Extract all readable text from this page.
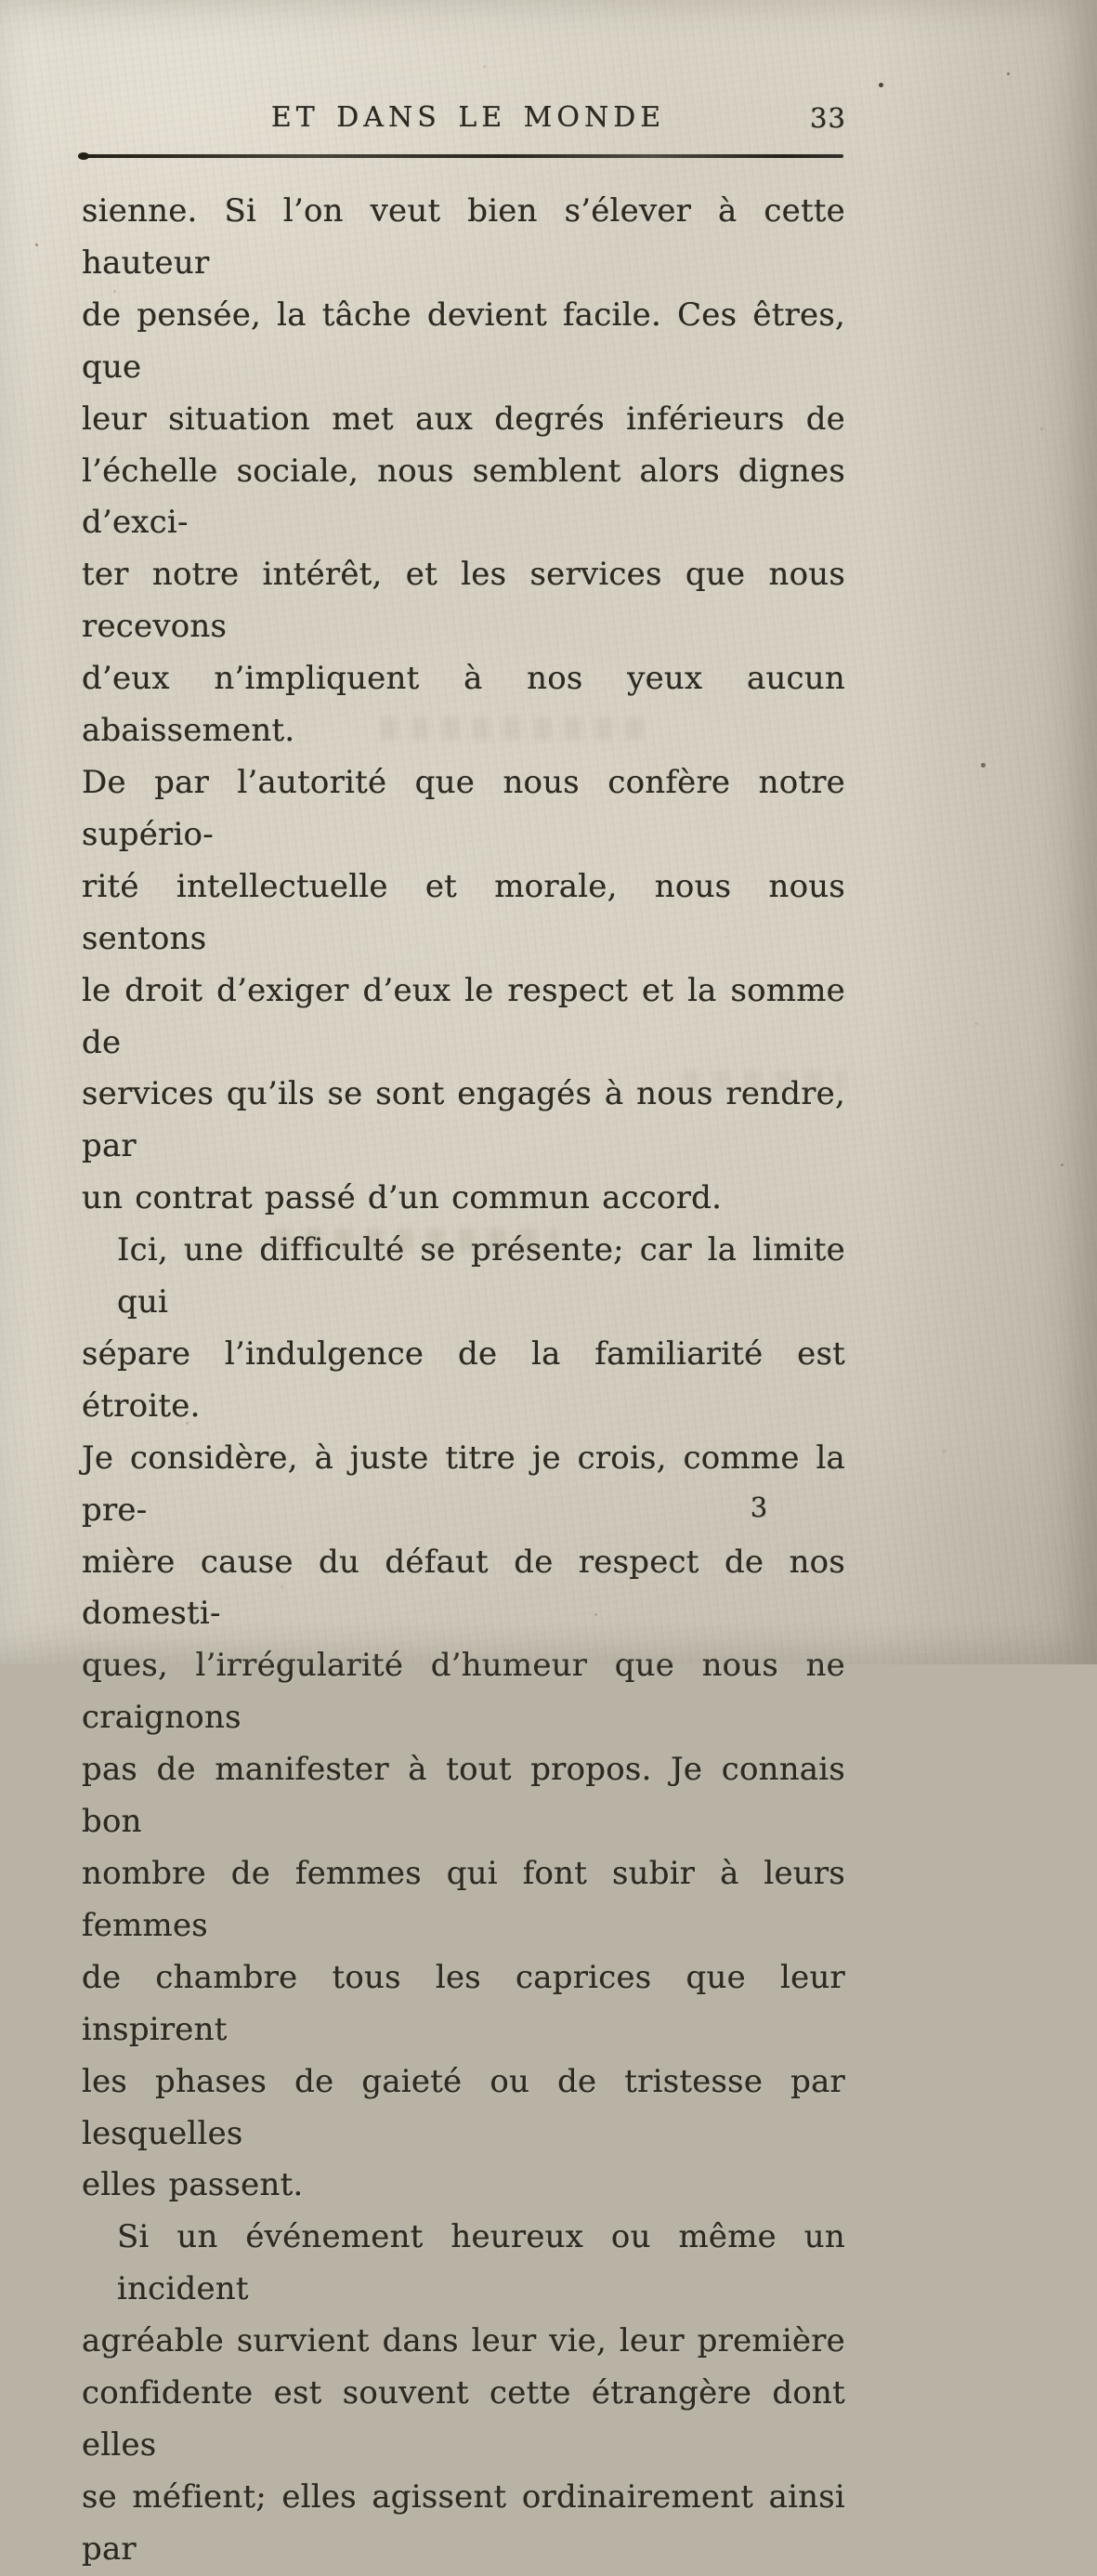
ET DANS LE MONDE	33
sienne. Si l’on veut bien s’élever à cette hauteur
de pensée, la tâche devient facile. Ces êtres, que
leur situation met aux degrés inférieurs de
l’échelle sociale, nous semblent alors dignes d’exci-
ter notre intérêt, et les services que nous recevons
d’eux n’impliquent à nos yeux aucun abaissement.
De par l’autorité que nous confère notre supério-
rité intellectuelle et morale, nous nous sentons
le droit d’exiger d’eux le respect et la somme de
services qu’ils se sont engagés à nous rendre, par
un contrat passé d’un commun accord.
Ici, une difficulté se présente; car la limite qui
sépare l’indulgence de la familiarité est étroite.
Je considère, à juste titre je crois, comme la pre-
mière cause du défaut de respect de nos domesti-
ques, l’irrégularité d’humeur que nous ne craignons
pas de manifester à tout propos. Je connais bon
nombre de femmes qui font subir à leurs femmes
de chambre tous les caprices que leur inspirent
les phases de gaieté ou de tristesse par lesquelles
elles passent.
Si un événement heureux ou même un incident
agréable survient dans leur vie, leur première
confidente est souvent cette étrangère dont elles
se méfient; elles agissent ordinairement ainsi par
3
